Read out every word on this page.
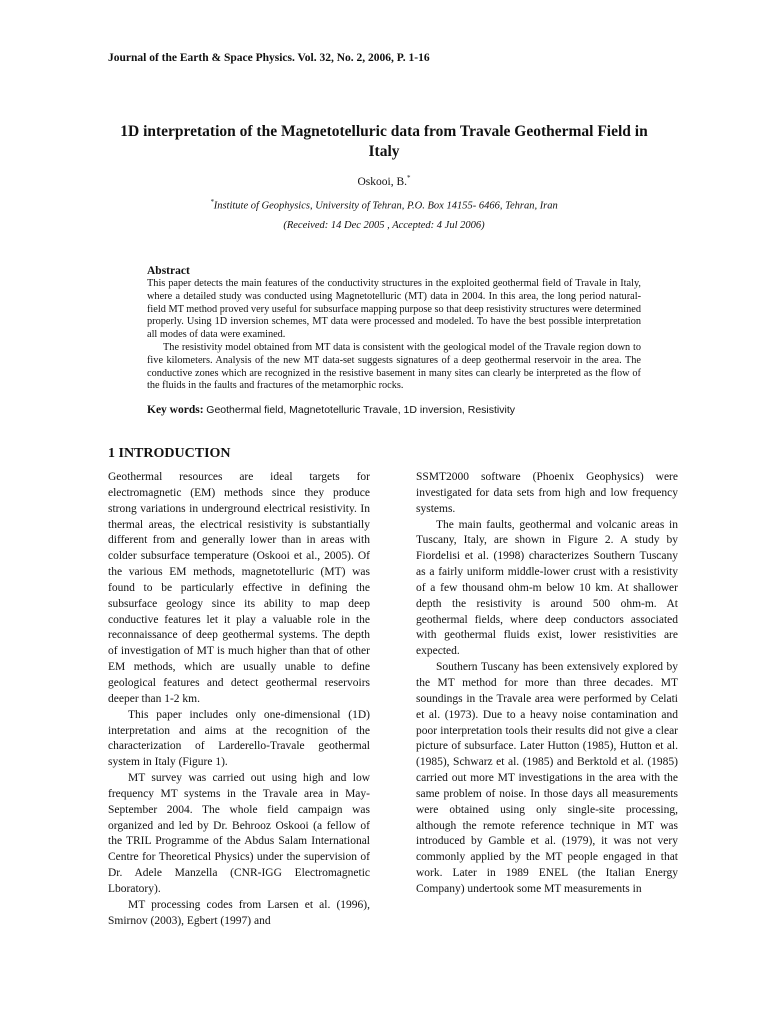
Journal of the Earth & Space Physics. Vol. 32, No. 2, 2006, P. 1-16
1D interpretation of the Magnetotelluric data from Travale Geothermal Field in Italy
Oskooi, B.*
*Institute of Geophysics, University of Tehran, P.O. Box 14155- 6466, Tehran, Iran
(Received: 14 Dec 2005 , Accepted: 4 Jul 2006)
Abstract

This paper detects the main features of the conductivity structures in the exploited geothermal field of Travale in Italy, where a detailed study was conducted using Magnetotelluric (MT) data in 2004. In this area, the long period natural-field MT method proved very useful for subsurface mapping purpose so that deep resistivity structures were determined properly. Using 1D inversion schemes, MT data were processed and modeled. To have the best possible interpretation all modes of data were examined.

The resistivity model obtained from MT data is consistent with the geological model of the Travale region down to five kilometers. Analysis of the new MT data-set suggests signatures of a deep geothermal reservoir in the area. The conductive zones which are recognized in the resistive basement in many sites can clearly be interpreted as the flow of the fluids in the faults and fractures of the metamorphic rocks.

Key words: Geothermal field, Magnetotelluric Travale, 1D inversion, Resistivity
1 INTRODUCTION

Geothermal resources are ideal targets for electromagnetic (EM) methods since they produce strong variations in underground electrical resistivity. In thermal areas, the electrical resistivity is substantially different from and generally lower than in areas with colder subsurface temperature (Oskooi et al., 2005). Of the various EM methods, magnetotelluric (MT) was found to be particularly effective in defining the subsurface geology since its ability to map deep conductive features let it play a valuable role in the reconnaissance of deep geothermal systems. The depth of investigation of MT is much higher than that of other EM methods, which are usually unable to define geological features and detect geothermal reservoirs deeper than 1-2 km.

This paper includes only one-dimensional (1D) interpretation and aims at the recognition of the characterization of Larderello-Travale geothermal system in Italy (Figure 1).

MT survey was carried out using high and low frequency MT systems in the Travale area in May-September 2004. The whole field campaign was organized and led by Dr. Behrooz Oskooi (a fellow of the TRIL Programme of the Abdus Salam International Centre for Theoretical Physics) under the supervision of Dr. Adele Manzella (CNR-IGG Electromagnetic Lboratory).

MT processing codes from Larsen et al. (1996), Smirnov (2003), Egbert (1997) and

SSMT2000 software (Phoenix Geophysics) were investigated for data sets from high and low frequency systems.

The main faults, geothermal and volcanic areas in Tuscany, Italy, are shown in Figure 2. A study by Fiordelisi et al. (1998) characterizes Southern Tuscany as a fairly uniform middle-lower crust with a resistivity of a few thousand ohm-m below 10 km. At shallower depth the resistivity is around 500 ohm-m. At geothermal fields, where deep conductors associated with geothermal fluids exist, lower resistivities are expected.

Southern Tuscany has been extensively explored by the MT method for more than three decades. MT soundings in the Travale area were performed by Celati et al. (1973). Due to a heavy noise contamination and poor interpretation tools their results did not give a clear picture of subsurface. Later Hutton (1985), Hutton et al. (1985), Schwarz et al. (1985) and Berktold et al. (1985) carried out more MT investigations in the area with the same problem of noise. In those days all measurements were obtained using only single-site processing, although the remote reference technique in MT was introduced by Gamble et al. (1979), it was not very commonly applied by the MT people engaged in that work. Later in 1989 ENEL (the Italian Energy Company) undertook some MT measurements in
